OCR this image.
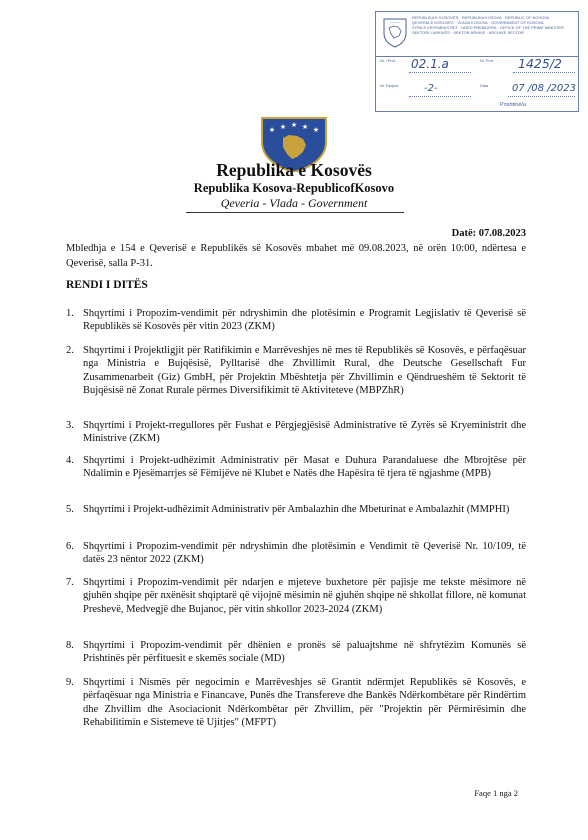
* * * * *
REPUBLIKA E KOSOVËS · REPUBLIKA KOSOVA · REPUBLIC OF KOSOVA
QEVERIA E KOSOVËS · VLADA KOSOVA · GOVERNMENT OF KOSOVA
ZYRA E KRYEMINISTRIT · URED PREMIJERA · OFFICE OF THE PRIME MINISTER
SEKTORI I ARKIVËS · SEKTOR ARHIVE · ARCHIVE SECTOR
Nr. i Prot.	02.1.a	Nr. Prot.	1425/2
Nr. Faqeve	-2-	Data	07 /08 /2023
Prishtinë/a
★ ★ ★ ★ ★
Republika e Kosovës
Republika Kosova-RepublicofKosovo
Qeveria - Vlada - Government
Datë: 07.08.2023
Mbledhja e 154 e Qeverisë e Republikës së Kosovës mbahet më 09.08.2023, në orën 10:00, ndërtesa e Qeverisë, salla P-31.
RENDI I DITËS
1. Shqyrtimi i Propozim-vendimit për ndryshimin dhe plotësimin e Programit Legjislativ të Qeverisë së Republikës së Kosovës për vitin 2023 (ZKM)
2. Shqyrtimi i Projektligjit për Ratifikimin e Marrëveshjes në mes të Republikës së Kosovës, e përfaqësuar nga Ministria e Bujqësisë, Pylltarisë dhe Zhvillimit Rural, dhe Deutsche Gesellschaft Fur Zusammenarbeit (Giz) GmbH, për Projektin Mbështetja për Zhvillimin e Qëndrueshëm të Sektorit të Bujqësisë në Zonat Rurale përmes Diversifikimit të Aktiviteteve (MBPZhR)
3. Shqyrtimi i Projekt-rregullores për Fushat e Përgjegjësisë Administrative të Zyrës së Kryeministrit dhe Ministrive (ZKM)
4. Shqyrtimi i Projekt-udhëzimit Administrativ për Masat e Duhura Parandaluese dhe Mbrojtëse për Ndalimin e Pjesëmarrjes së Fëmijëve në Klubet e Natës dhe Hapësira të tjera të ngjashme (MPB)
5. Shqyrtimi i Projekt-udhëzimit Administrativ për Ambalazhin dhe Mbeturinat e Ambalazhit (MMPHI)
6. Shqyrtimi i Propozim-vendimit për ndryshimin dhe plotësimin e Vendimit të Qeverisë Nr. 10/109, të datës 23 nëntor 2022 (ZKM)
7. Shqyrtimi i Propozim-vendimit për ndarjen e mjeteve buxhetore për pajisje me tekste mësimore në gjuhën shqipe për nxënësit shqiptarë që vijojnë mësimin në gjuhën shqipe në shkollat fillore, në komunat Preshevë, Medvegjë dhe Bujanoc, për vitin shkollor 2023-2024 (ZKM)
8. Shqyrtimi i Propozim-vendimit për dhënien e pronës së paluajtshme në shfrytëzim Komunës së Prishtinës për përfituesit e skemës sociale (MD)
9. Shqyrtimi i Nismës për negocimin e Marrëveshjes së Grantit ndërmjet Republikës së Kosovës, e përfaqësuar nga Ministria e Financave, Punës dhe Transfereve dhe Bankës Ndërkombëtare për Rindërtim dhe Zhvillim dhe Asociacionit Ndërkombëtar për Zhvillim, për "Projektin për Përmirësimin dhe Rehabilitimin e Sistemeve të Ujitjes" (MFPT)
Faqe 1 nga 2
